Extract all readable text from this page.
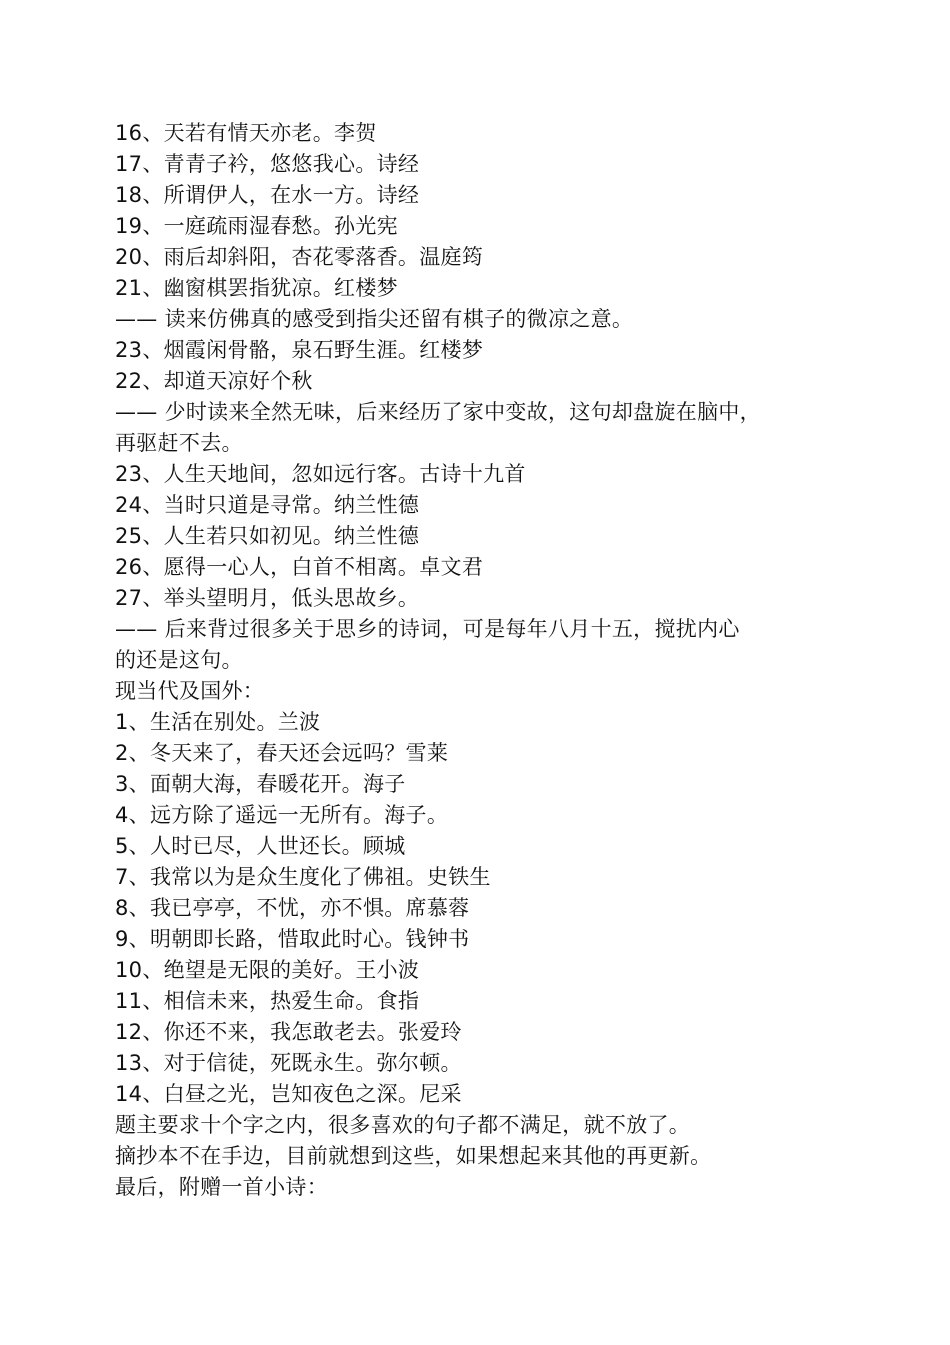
16、天若有情天亦老。李贺
17、青青子衿，悠悠我心。诗经
18、所谓伊人，在水一方。诗经
19、一庭疏雨湿春愁。孙光宪
20、雨后却斜阳，杏花零落香。温庭筠
21、幽窗棋罢指犹凉。红楼梦
—— 读来仿佛真的感受到指尖还留有棋子的微凉之意。
23、烟霞闲骨骼，泉石野生涯。红楼梦
22、却道天凉好个秋
—— 少时读来全然无味，后来经历了家中变故，这句却盘旋在脑中，
再驱赶不去。
23、人生天地间，忽如远行客。古诗十九首
24、当时只道是寻常。纳兰性德
25、人生若只如初见。纳兰性德
26、愿得一心人，白首不相离。卓文君
27、举头望明月，低头思故乡。
—— 后来背过很多关于思乡的诗词，可是每年八月十五，搅扰内心
的还是这句。
现当代及国外：
1、生活在别处。兰波
2、冬天来了，春天还会远吗？雪莱
3、面朝大海，春暖花开。海子
4、远方除了遥远一无所有。海子。
5、人时已尽，人世还长。顾城
7、我常以为是众生度化了佛祖。史铁生
8、我已亭亭，不忧，亦不惧。席慕蓉
9、明朝即长路，惜取此时心。钱钟书
10、绝望是无限的美好。王小波
11、相信未来，热爱生命。食指
12、你还不来，我怎敢老去。张爱玲
13、对于信徒，死既永生。弥尔顿。
14、白昼之光，岂知夜色之深。尼采
题主要求十个字之内，很多喜欢的句子都不满足，就不放了。
摘抄本不在手边，目前就想到这些，如果想起来其他的再更新。
最后，附赠一首小诗：
